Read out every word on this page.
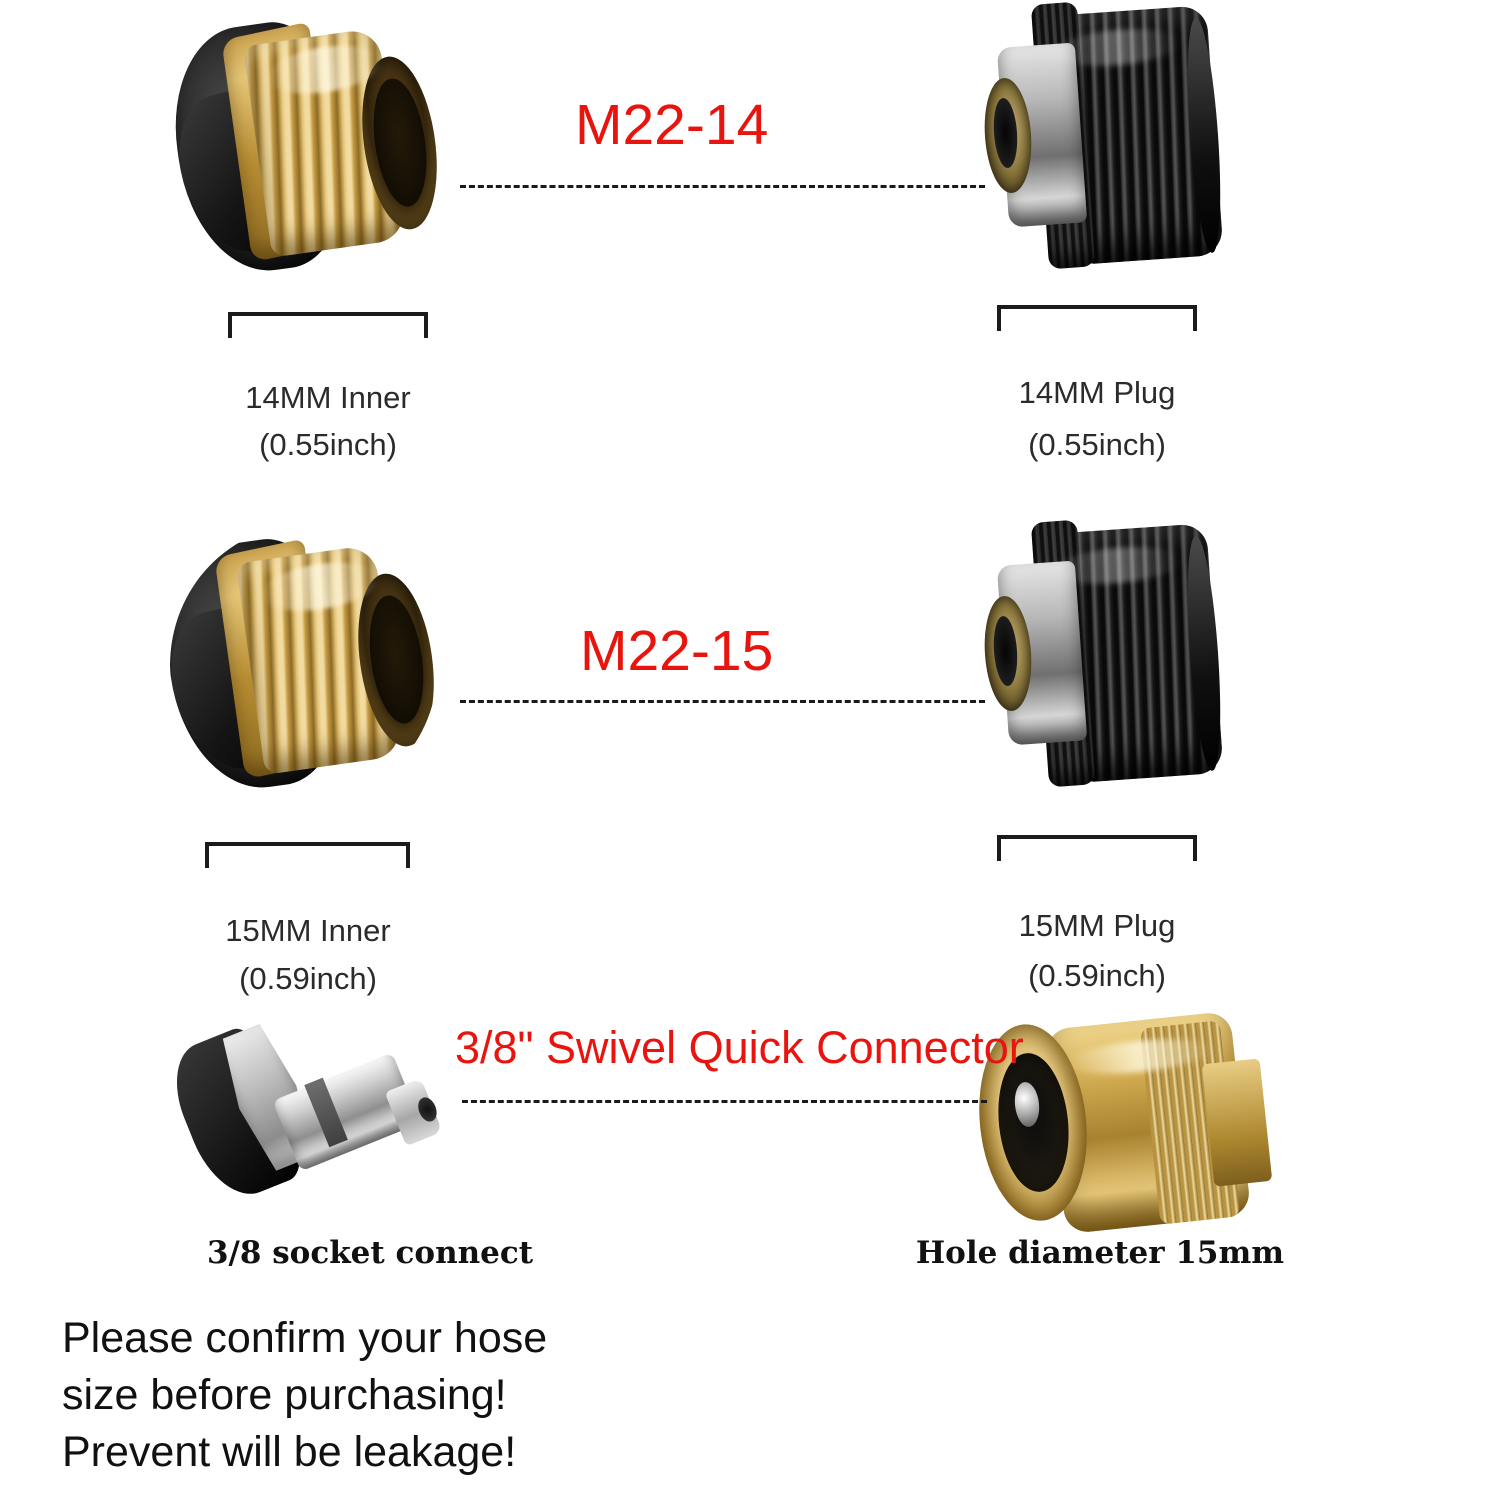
M22-14
14MM Inner
(0.55inch)
14MM Plug
(0.55inch)
M22-15
15MM Inner
(0.59inch)
15MM Plug
(0.59inch)
3/8" Swivel Quick Connector
3/8 socket connect	Hole diameter 15mm
Please confirm your hose
size before purchasing!
Prevent will be leakage!
